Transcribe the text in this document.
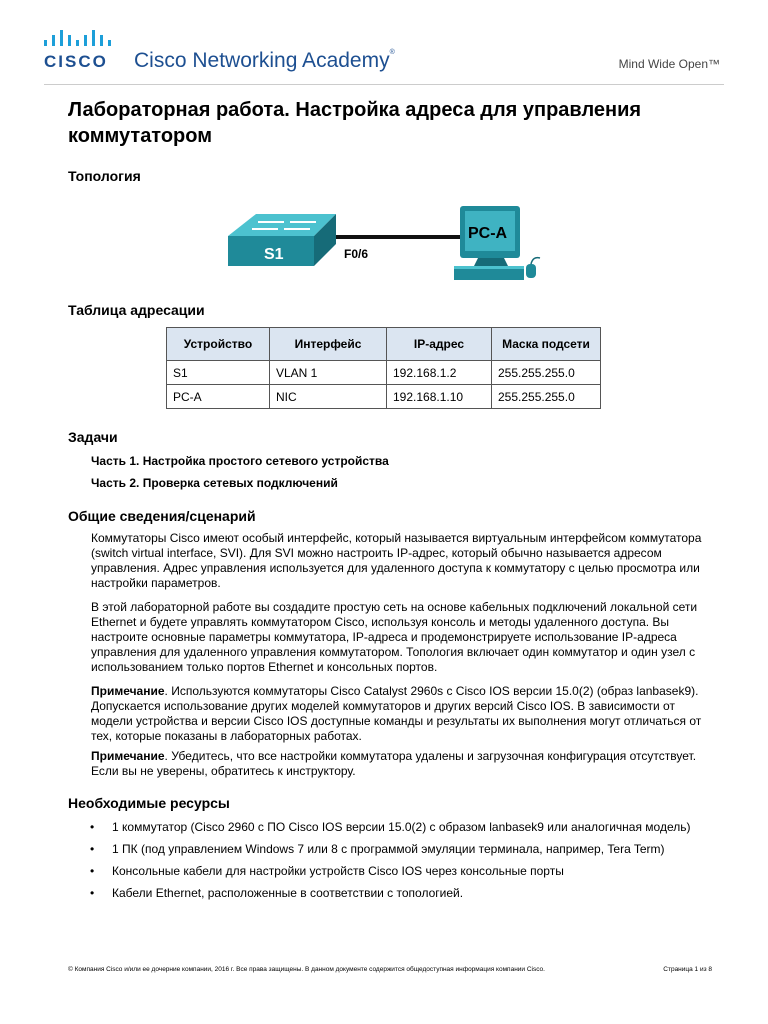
CISCO Cisco Networking Academy®
Mind Wide Open™
Лабораторная работа. Настройка адреса для управления коммутатором
Топология
S1	F0/6
PC-A
Таблица адресации
Устройство	Интерфейс	IP-адрес	Маска подсети
S1	VLAN 1	192.168.1.2	255.255.255.0
PC-A	NIC	192.168.1.10	255.255.255.0
Задачи
Часть 1. Настройка простого сетевого устройства
Часть 2. Проверка сетевых подключений
Общие сведения/сценарий

Коммутаторы Cisco имеют особый интерфейс, который называется виртуальным интерфейсом коммутатора (switch virtual interface, SVI). Для SVI можно настроить IP-адрес, который обычно называется адресом управления. Адрес управления используется для удаленного доступа к коммутатору с целью просмотра или настройки параметров.

В этой лабораторной работе вы создадите простую сеть на основе кабельных подключений локальной сети Ethernet и будете управлять коммутатором Cisco, используя консоль и методы удаленного доступа. Вы настроите основные параметры коммутатора, IP-адреса и продемонстрируете использование IP-адреса управления для удаленного управления коммутатором. Топология включает один коммутатор и один узел с использованием только портов Ethernet и консольных портов.

Примечание. Используются коммутаторы Cisco Catalyst 2960s с Cisco IOS версии 15.0(2) (образ lanbasek9). Допускается использование других моделей коммутаторов и других версий Cisco IOS. В зависимости от модели устройства и версии Cisco IOS доступные команды и результаты их выполнения могут отличаться от тех, которые показаны в лабораторных работах.

Примечание. Убедитесь, что все настройки коммутатора удалены и загрузочная конфигурация отсутствует. Если вы не уверены, обратитесь к инструктору.

Необходимые ресурсы
• 1 коммутатор (Cisco 2960 с ПО Cisco IOS версии 15.0(2) с образом lanbasek9 или аналогичная модель)
• 1 ПК (под управлением Windows 7 или 8 с программой эмуляции терминала, например, Tera Term)
• Консольные кабели для настройки устройств Cisco IOS через консольные порты
• Кабели Ethernet, расположенные в соответствии с топологией.
© Компания Cisco и/или ее дочерние компании, 2016 г. Все права защищены. В данном документе содержится общедоступная информация компании Cisco.	Страница 1 из 8
